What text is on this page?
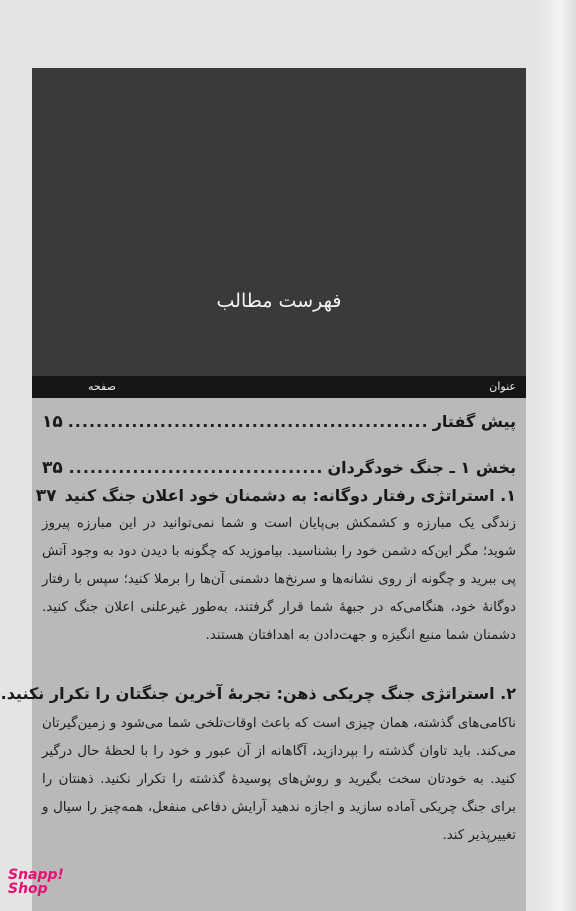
فهرست مطالب
عنوان
صفحه
پیش گفتار
.....
۱۵
بخش ۱ ـ جنگ خودگردان
.....
۳۵
۱. استراتژی رفتار دوگانه: به دشمنان خود اعلان جنگ کنید
۳۷
زندگی یک مبارزه و کشمکش بی‌پایان است و شما نمی‌توانید در این مبارزه پیروز شوید؛ مگر این‌که دشمن خود را بشناسید. بیاموزید که چگونه با دیدن دود به وجود آتش پی ببرید و چگونه از روی نشانه‌ها و سرنخ‌ها دشمنی آن‌ها را برملا کنید؛ سپس با رفتار دوگانهٔ خود، هنگامی‌که در جبههٔ شما قرار گرفتند، به‌طور غیرعلنی اعلان جنگ کنید. دشمنان شما منبع انگیزه و جهت‌دادن به اهدافتان هستند.
۲. استراتژی جنگ چریکی ذهن: تجربهٔ آخرین جنگتان را تکرار نکنید.
ناکامی‌های گذشته، همان چیزی است که باعث اوقات‌تلخی شما می‌شود و زمین‌گیرتان می‌کند. باید تاوان گذشته را بپردازید، آگاهانه از آن عبور و خود را با لحظهٔ حال درگیر کنید. به خودتان سخت بگیرید و روش‌های پوسیدهٔ گذشته را تکرار نکنید. ذهنتان را برای جنگ چریکی آماده سازید و اجازه ندهید آرایش دفاعی منفعل، همه‌چیز را سیال و تغییرپذیر کند.
Snapp!
Shop
